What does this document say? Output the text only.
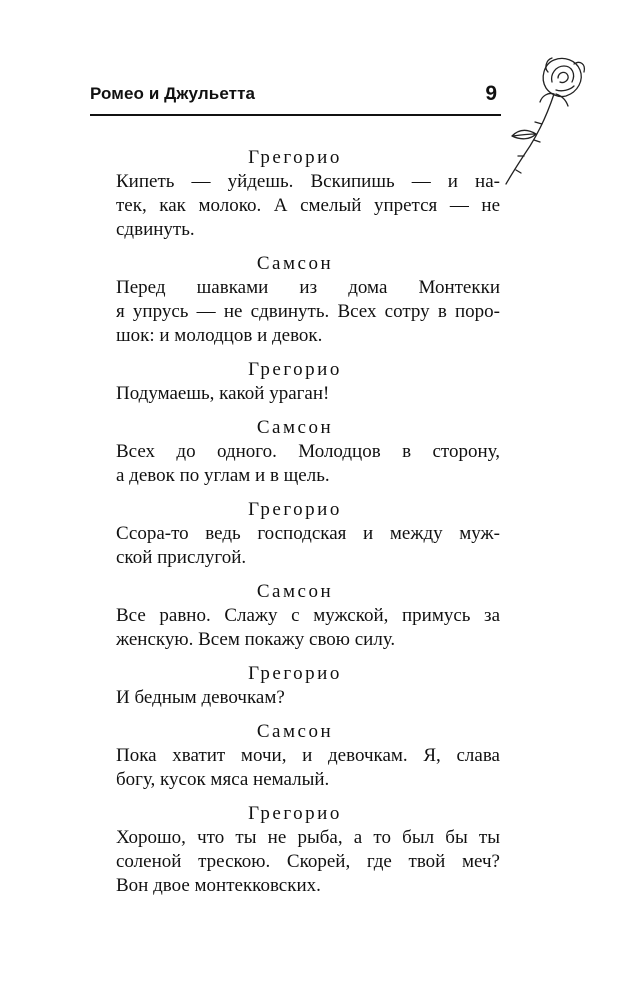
Ромео и Джульетта	9
Грегорио

Кипеть — уйдешь. Вскипишь — и на-
тек, как молоко. А смелый упрется — не
сдвинуть.

Самсон

Перед шавками из дома Монтекки
я упрусь — не сдвинуть. Всех сотру в поро-
шок: и молодцов и девок.

Грегорио

Подумаешь, какой ураган!

Самсон

Всех до одного. Молодцов в сторону,
а девок по углам и в щель.

Грегорио

Ссора-то ведь господская и между муж-
ской прислугой.

Самсон

Все равно. Слажу с мужской, примусь за
женскую. Всем покажу свою силу.

Грегорио

И бедным девочкам?

Самсон

Пока хватит мочи, и девочкам. Я, слава
богу, кусок мяса немалый.

Грегорио

Хорошо, что ты не рыба, а то был бы ты
соленой трескою. Скорей, где твой меч?
Вон двое монтекковских.
